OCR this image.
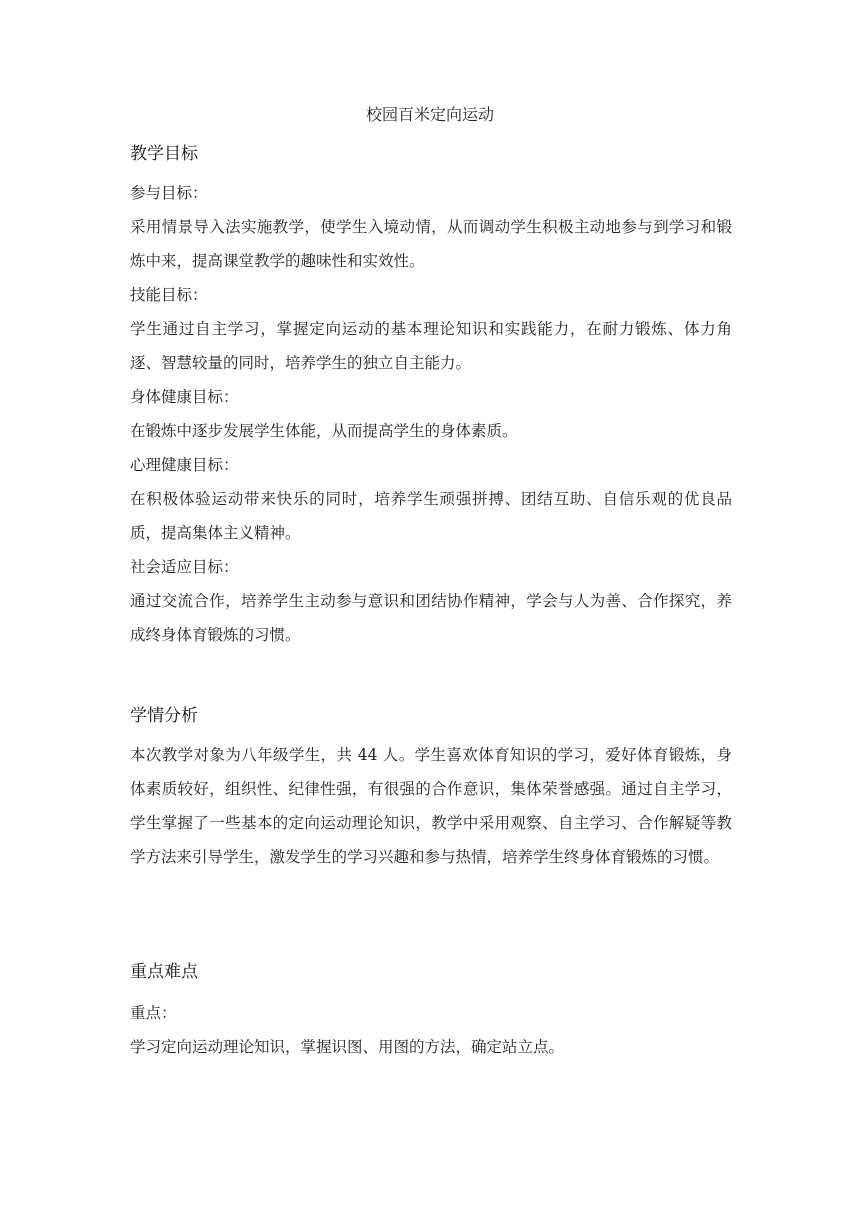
校园百米定向运动
教学目标

参与目标：

采用情景导入法实施教学，使学生入境动情，从而调动学生积极主动地参与到学习和锻炼中来，提高课堂教学的趣味性和实效性。

技能目标：

学生通过自主学习，掌握定向运动的基本理论知识和实践能力，在耐力锻炼、体力角逐、智慧较量的同时，培养学生的独立自主能力。

身体健康目标：

在锻炼中逐步发展学生体能，从而提高学生的身体素质。

心理健康目标：

在积极体验运动带来快乐的同时，培养学生顽强拼搏、团结互助、自信乐观的优良品质，提高集体主义精神。

社会适应目标：

通过交流合作，培养学生主动参与意识和团结协作精神，学会与人为善、合作探究，养成终身体育锻炼的习惯。

学情分析

本次教学对象为八年级学生，共 44 人。学生喜欢体育知识的学习，爱好体育锻炼，身体素质较好，组织性、纪律性强，有很强的合作意识，集体荣誉感强。通过自主学习，学生掌握了一些基本的定向运动理论知识，教学中采用观察、自主学习、合作解疑等教学方法来引导学生，激发学生的学习兴趣和参与热情，培养学生终身体育锻炼的习惯。

重点难点

重点：

学习定向运动理论知识，掌握识图、用图的方法，确定站立点。
